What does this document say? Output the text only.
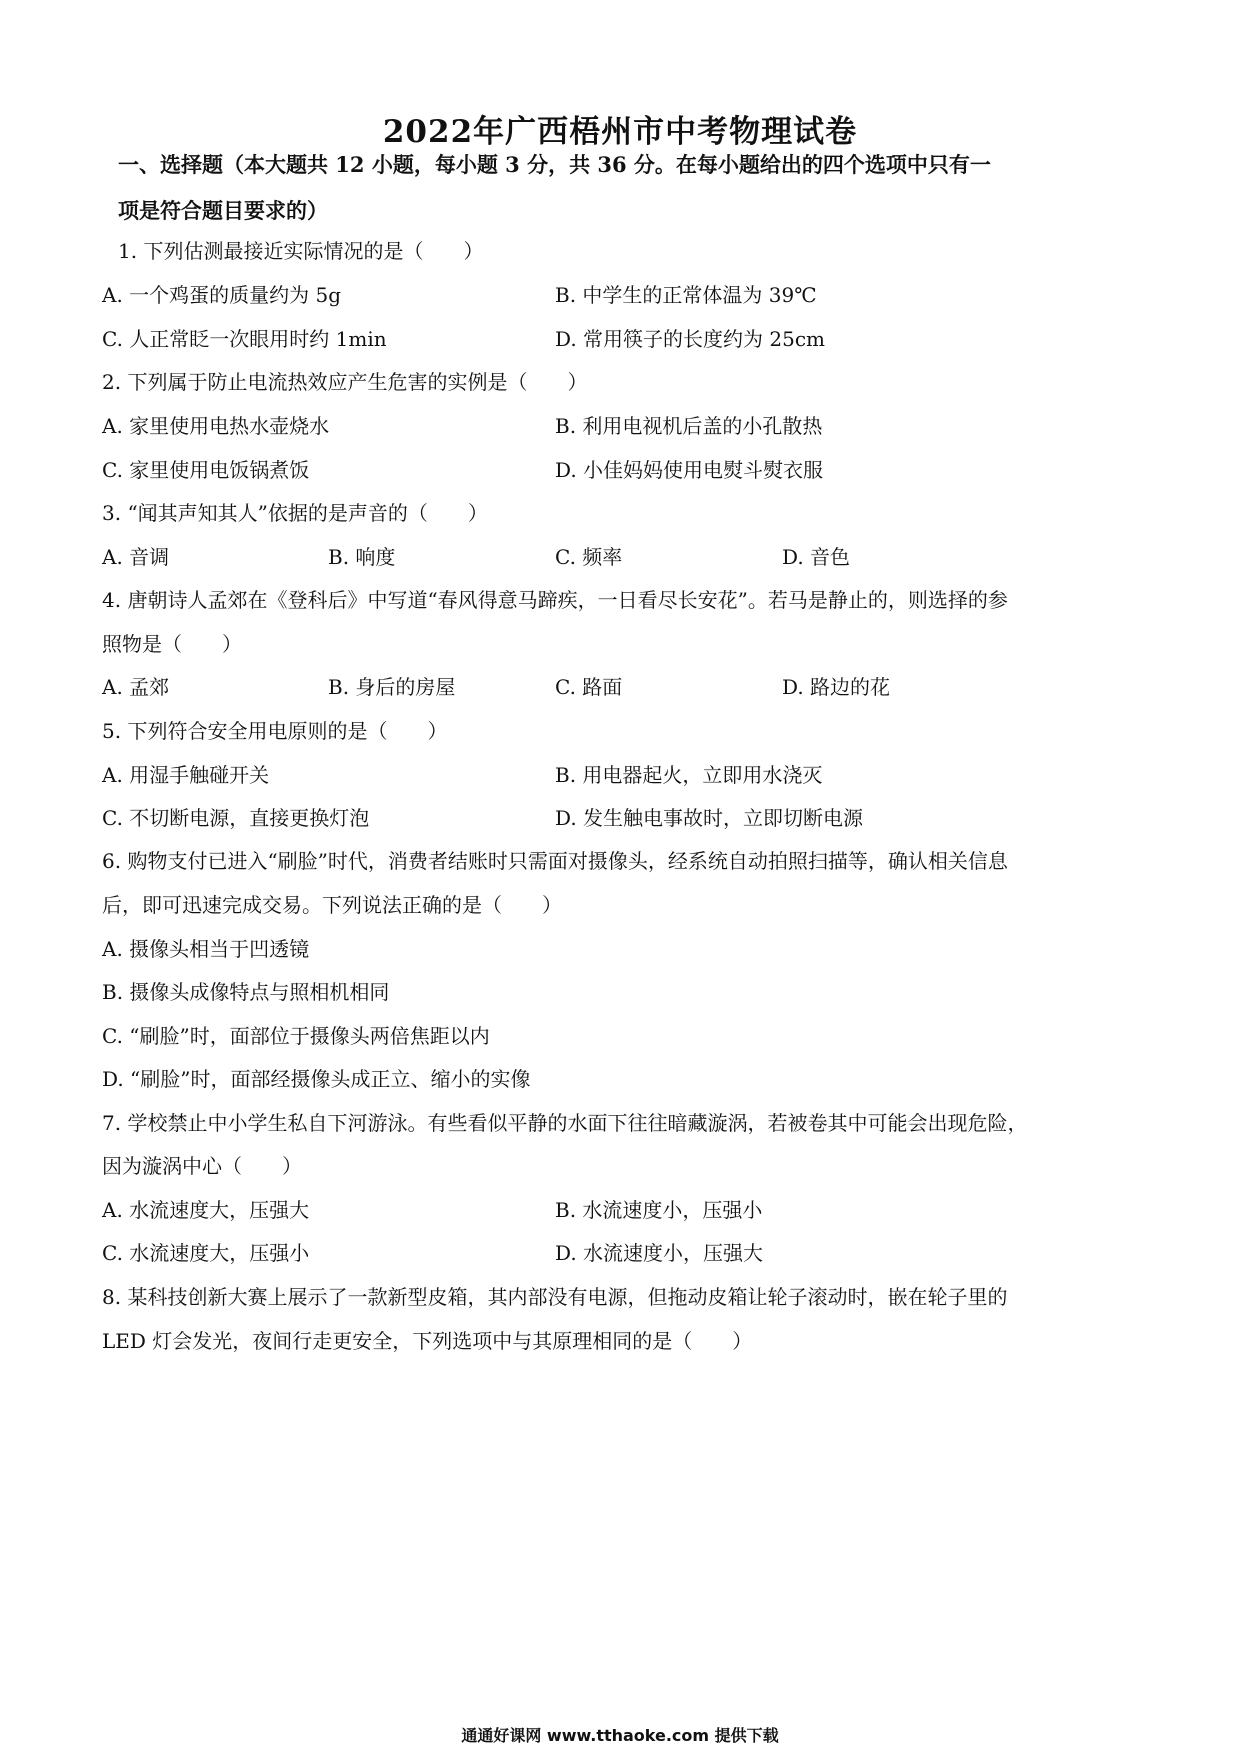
2022年广西梧州市中考物理试卷
一、选择题（本大题共 12 小题，每小题 3 分，共 36 分。在每小题给出的四个选项中只有一
项是符合题目要求的）
1. 下列估测最接近实际情况的是（　　）
A. 一个鸡蛋的质量约为 5g	B. 中学生的正常体温为 39℃
C. 人正常眨一次眼用时约 1min	D. 常用筷子的长度约为 25cm
2. 下列属于防止电流热效应产生危害的实例是（　　）
A. 家里使用电热水壶烧水	B. 利用电视机后盖的小孔散热
C. 家里使用电饭锅煮饭	D. 小佳妈妈使用电熨斗熨衣服
3. “闻其声知其人”依据的是声音的（　　）
A. 音调	B. 响度	C. 频率	D. 音色
4. 唐朝诗人孟郊在《登科后》中写道“春风得意马蹄疾，一日看尽长安花”。若马是静止的，则选择的参
照物是（　　）
A. 孟郊	B. 身后的房屋	C. 路面	D. 路边的花
5. 下列符合安全用电原则的是（　　）
A. 用湿手触碰开关	B. 用电器起火，立即用水浇灭
C. 不切断电源，直接更换灯泡	D. 发生触电事故时，立即切断电源
6. 购物支付已进入“刷脸”时代，消费者结账时只需面对摄像头，经系统自动拍照扫描等，确认相关信息
后，即可迅速完成交易。下列说法正确的是（　　）
A. 摄像头相当于凹透镜
B. 摄像头成像特点与照相机相同
C. “刷脸”时，面部位于摄像头两倍焦距以内
D. “刷脸”时，面部经摄像头成正立、缩小的实像
7. 学校禁止中小学生私自下河游泳。有些看似平静的水面下往往暗藏漩涡，若被卷其中可能会出现危险，
因为漩涡中心（　　）
A. 水流速度大，压强大	B. 水流速度小，压强小
C. 水流速度大，压强小	D. 水流速度小，压强大
8. 某科技创新大赛上展示了一款新型皮箱，其内部没有电源，但拖动皮箱让轮子滚动时，嵌在轮子里的
LED 灯会发光，夜间行走更安全，下列选项中与其原理相同的是（　　）
通通好课网 www.tthaoke.com 提供下载
